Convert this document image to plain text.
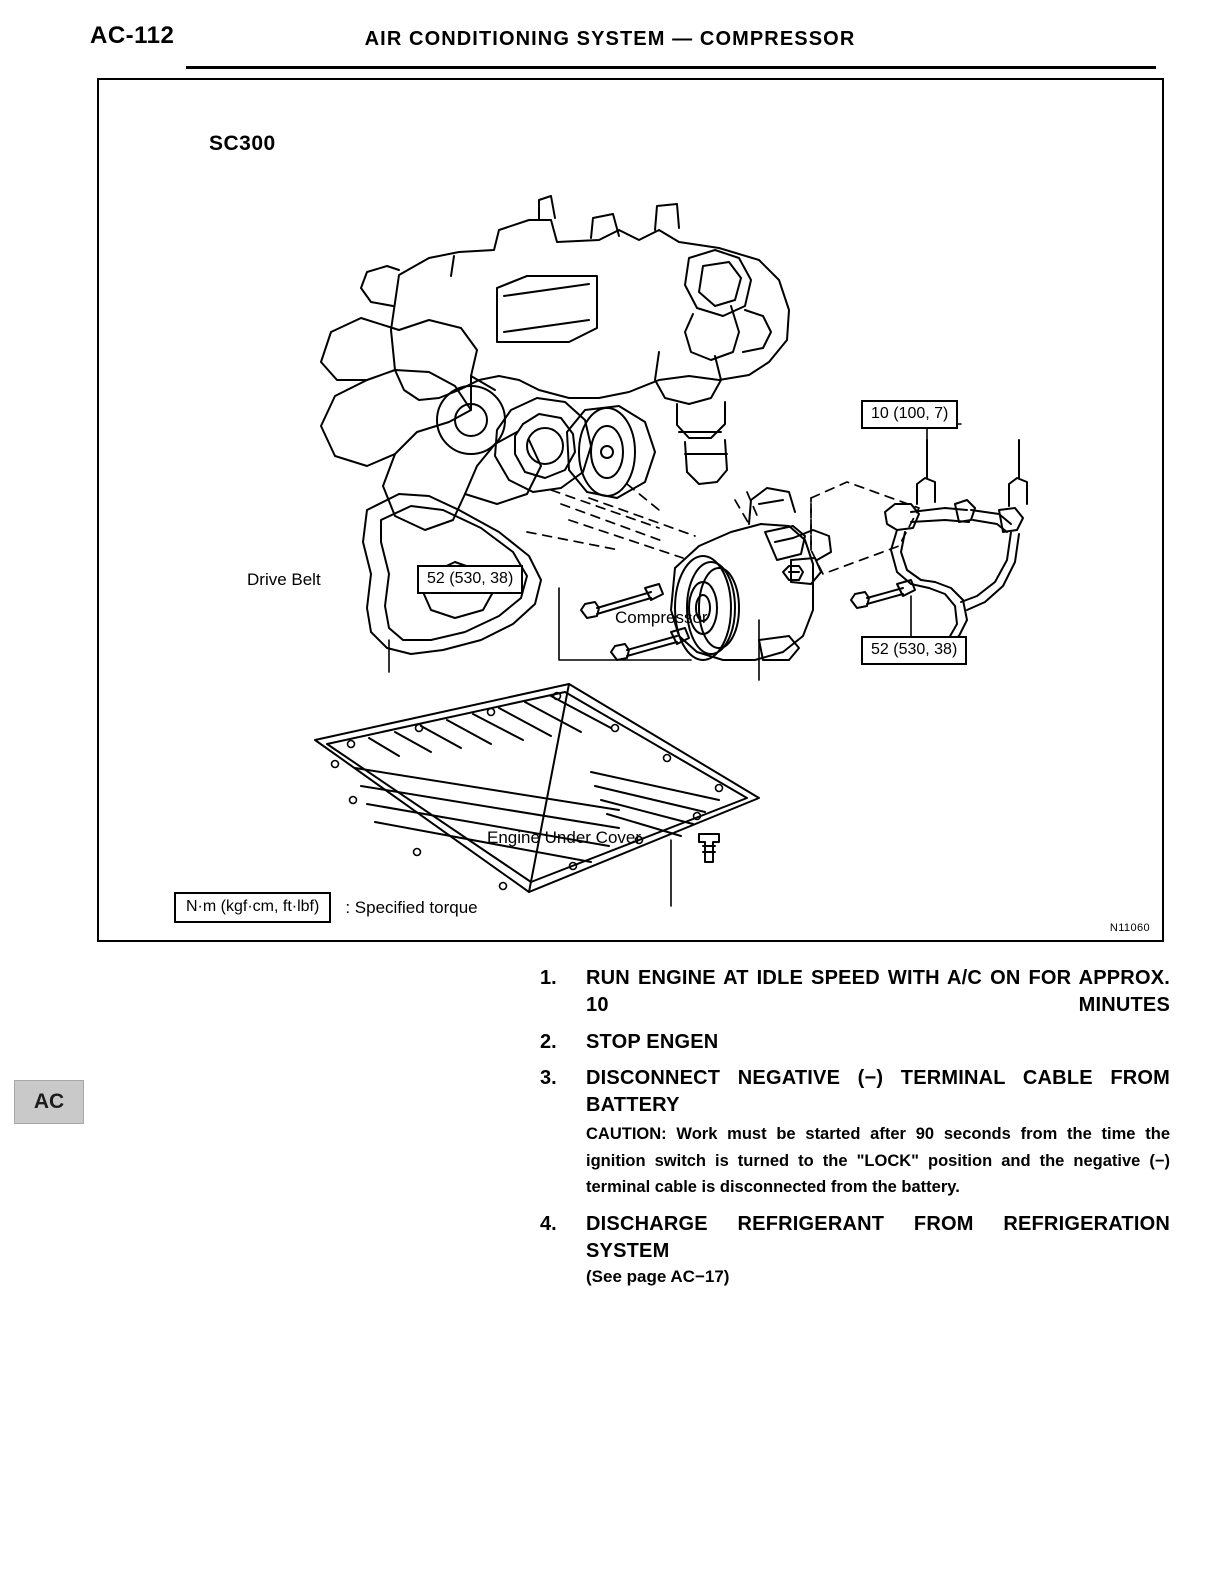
AC-112	AIR CONDITIONING SYSTEM — COMPRESSOR
SC300
10 (100, 7)
52 (530, 38)
52 (530, 38)
Drive Belt
Compressor
Engine Under Cover
N·m (kgf·cm, ft·lbf)	: Specified torque
N11060
AC
1.	RUN ENGINE AT IDLE SPEED WITH A/C ON FOR APPROX. 10 MINUTES
2.	STOP ENGEN
3.	DISCONNECT NEGATIVE (−) TERMINAL CABLE FROM BATTERY
CAUTION: Work must be started after 90 seconds from the time the ignition switch is turned to the "LOCK" position and the negative (−) terminal cable is disconnected from the battery.
4.	DISCHARGE REFRIGERANT FROM REFRIGERATION SYSTEM
(See page AC−17)
